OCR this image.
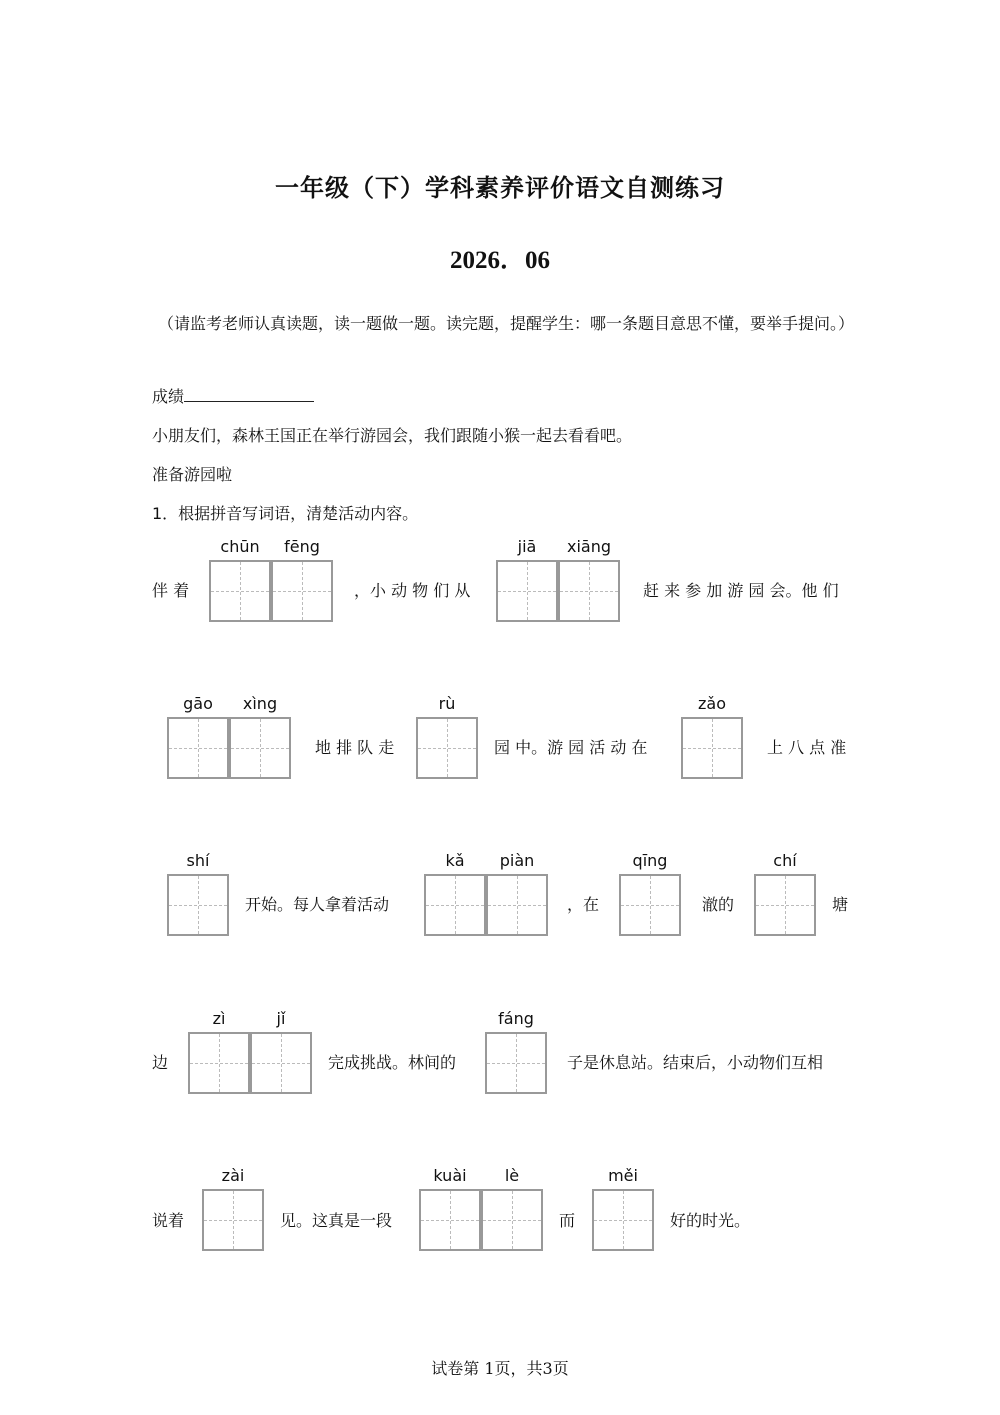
一年级（下）学科素养评价语文自测练习
2026．06
（请监考老师认真读题，读一题做一题。读完题，提醒学生：哪一条题目意思不懂，要举手提问。）
成绩
小朋友们，森林王国正在举行游园会，我们跟随小猴一起去看看吧。
准备游园啦
1．根据拼音写词语，清楚活动内容。
伴 着
chūn	fēng
，小 动 物 们 从
jiā	xiāng
赶 来 参 加 游 园 会。他 们
gāo	xìng
地 排 队 走
rù
园 中。游 园 活 动 在
zǎo
上 八 点 准
shí
开始。每人拿着活动
kǎ	piàn
，在
qīng
澈的
chí
塘
边
zì	jǐ
完成挑战。林间的
fáng
子是休息站。结束后，小动物们互相
说着
zài
见。这真是一段
kuài	lè
而
měi
好的时光。
试卷第 1页，共3页
